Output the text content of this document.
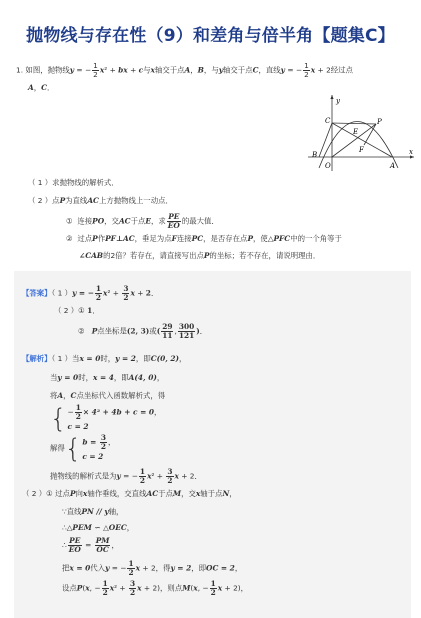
抛物线与存在性（9）和差角与倍半角【题集C】
1. 如图，抛物线y = − $\frac{1}{2} x^2$ + bx + c与x轴交于点A，B，与y轴交于点C，直线y = − $\frac{1}{2}$ x + 2经过点
A，C．
y
C
E
P
B
F
O	A
x
（ 1 ）求抛物线的解析式．
（ 2 ）点P为直线AC上方抛物线上一动点．
① 连接PO，交AC于点E，求 $\frac{PE}{EO}$ 的最大值．
② 过点P作PF⊥AC，垂足为点F连接PC，是否存在点P，使△PFC中的一个角等于
∠CAB的2倍？若存在，请直接写出点P的坐标；若不存在，请说明理由．
【答案】（ 1 ）y = − $\frac{1}{2} x^2 + \frac{3}{2}$ x + 2．
（ 2 ）① 1．
② P点坐标是(2, 3)或( $\frac{29}{11}$ , $\frac{300}{121}$ )．
【解析】（ 1 ）当x = 0时，y = 2，即C(0, 2)，
当y = 0时，x = 4，即A(4, 0)，
将A，C点坐标代入函数解析式，得
{ − $\frac{1}{2} \times 4^2 + 4b + c = 0$，
c = 2
解得{ $b = \frac{3}{2}$ ，
c = 2
抛物线的解析式是为y = − $\frac{1}{2} x^2 + \frac{3}{2}$ x + 2．
（ 2 ）① 过点P向x轴作垂线，交直线AC于点M，交x轴于点N，
∵直线PN // y轴，
∴△PEM ∽ △OEC，
∴ $\frac{PE}{EO} = \frac{PM}{OC}$ ，
把x = 0代入y = − $\frac{1}{2}$ x + 2，得y = 2，即OC = 2，
设点P(x, − $\frac{1}{2} x^2 + \frac{3}{2}$ x + 2)，则点M(x, − $\frac{1}{2}$ x + 2)，
